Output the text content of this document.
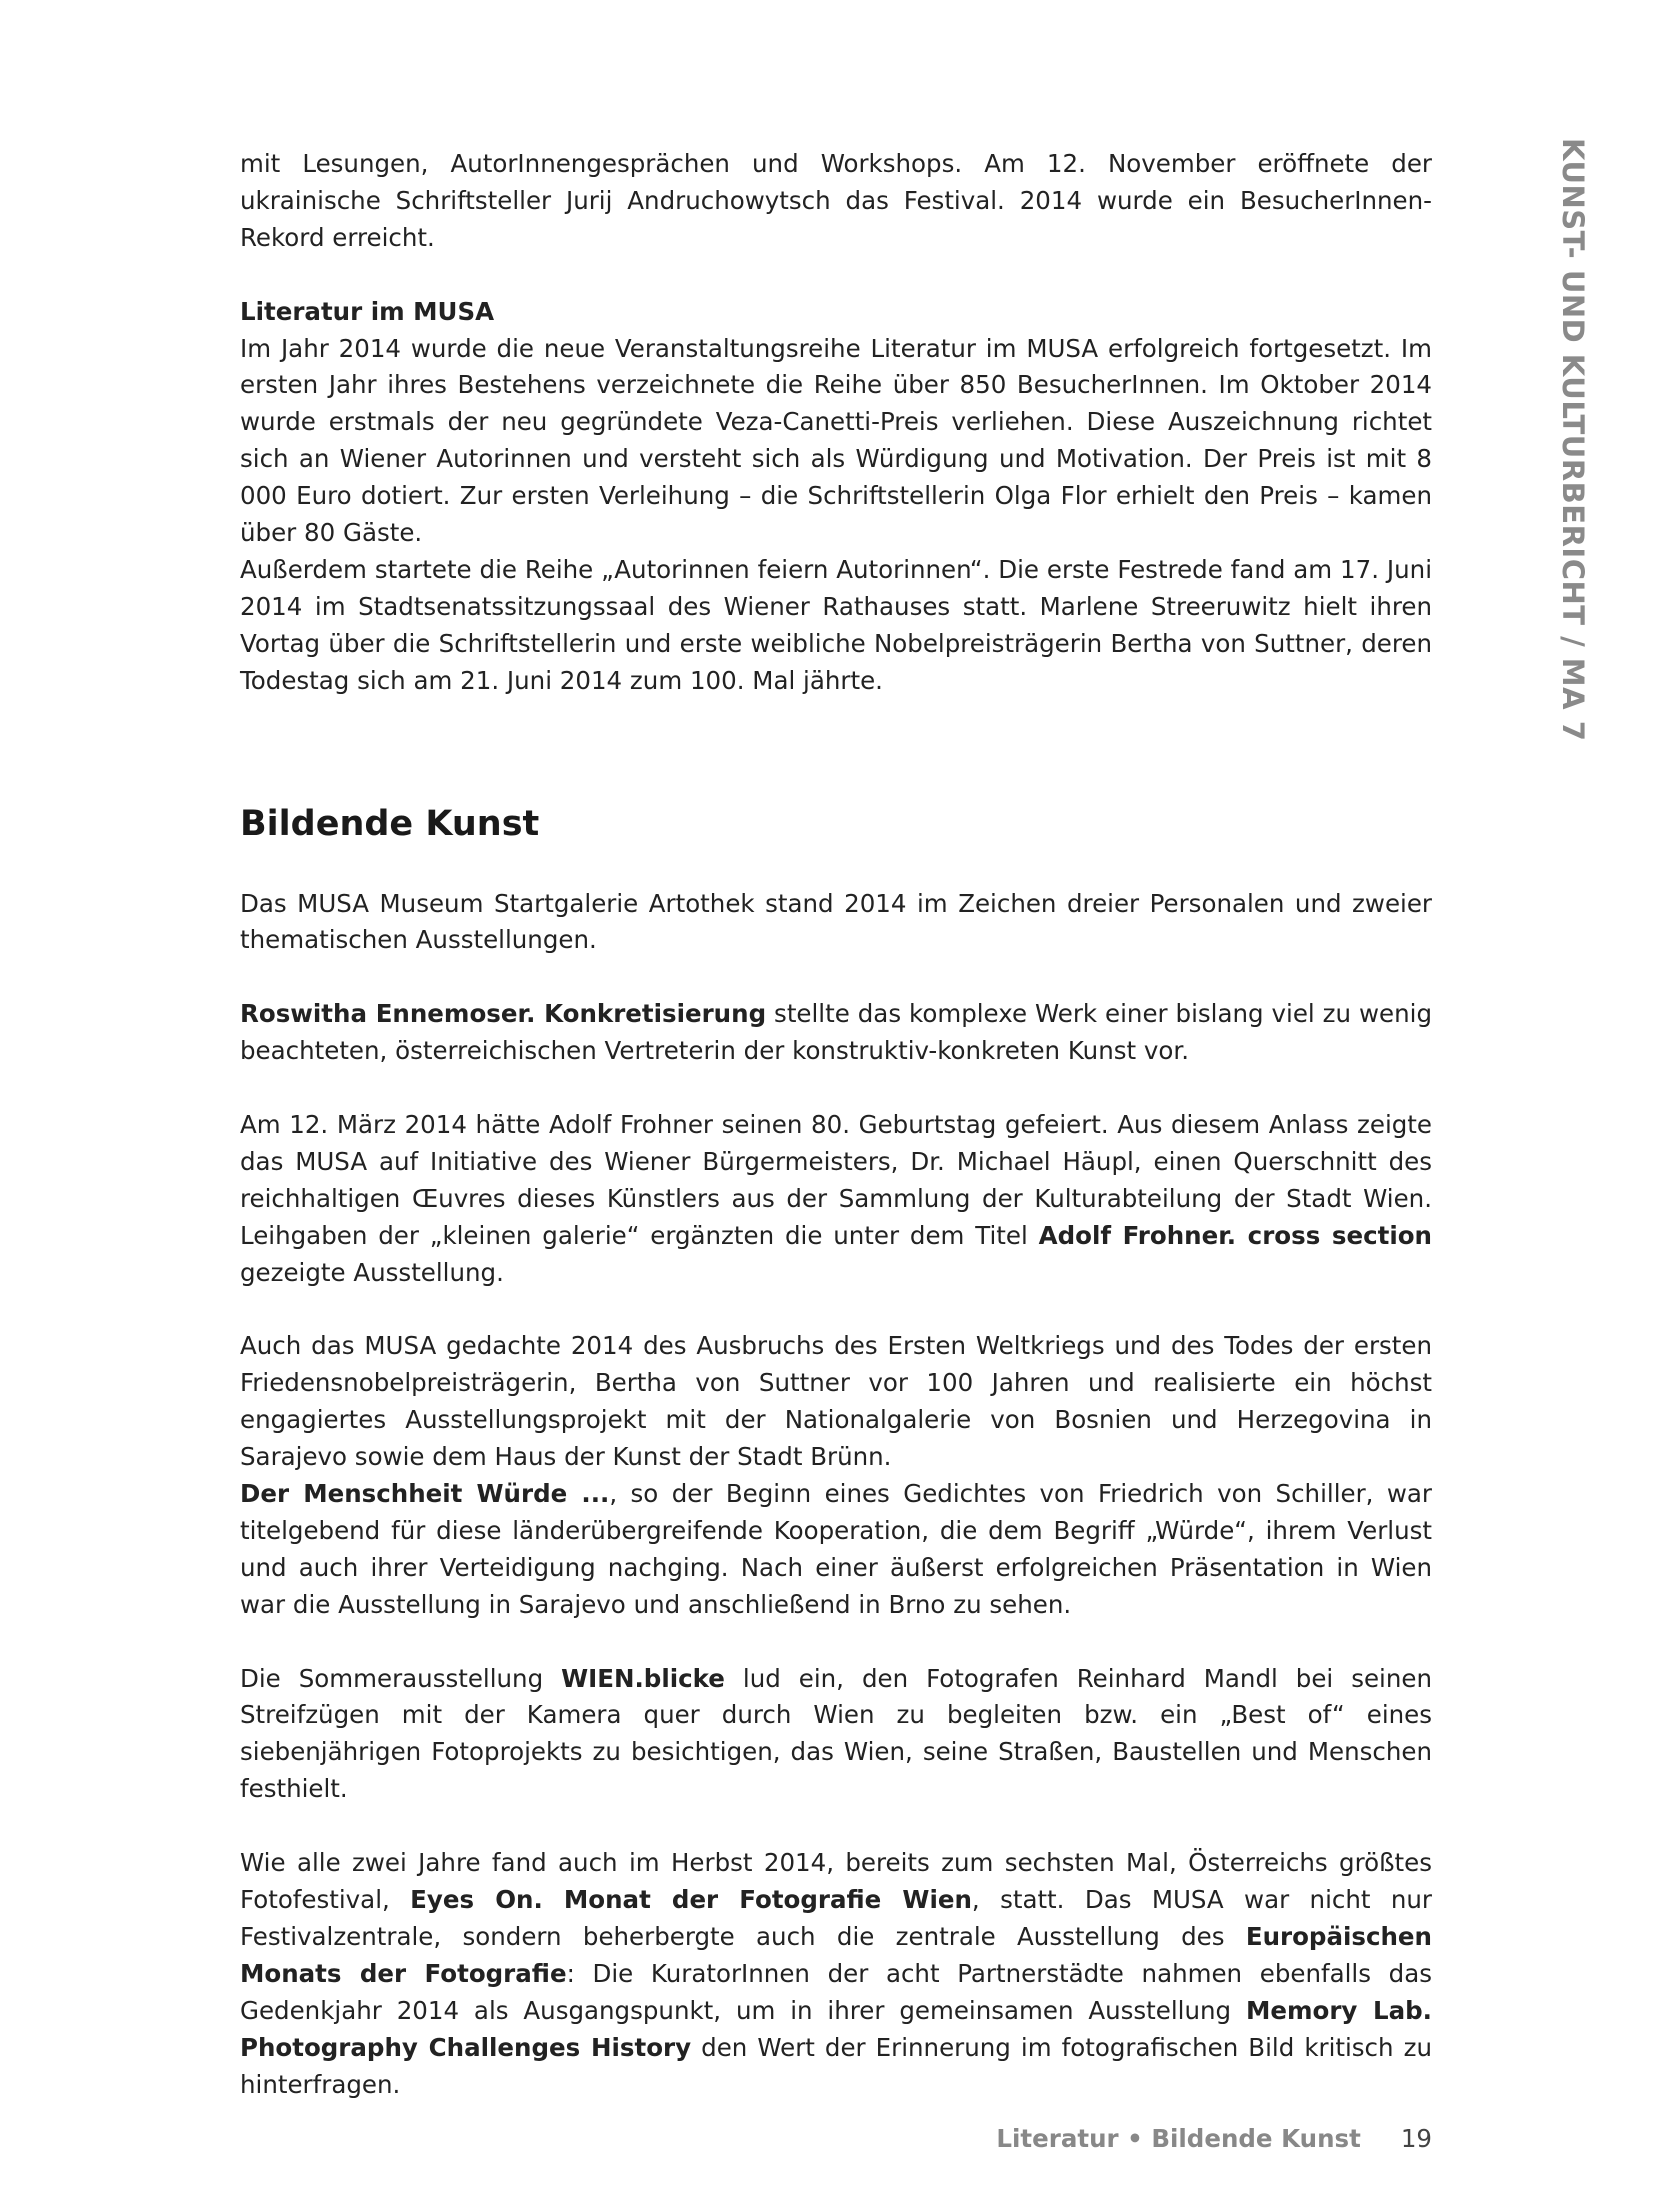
KUNST- UND KULTURBERICHT / MA 7

mit Lesungen, AutorInnengesprächen und Workshops. Am 12. November eröffnete der ukrainische Schriftsteller Jurij Andruchowytsch das Festival. 2014 wurde ein BesucherInnen-Rekord erreicht.

Literatur im MUSA

Im Jahr 2014 wurde die neue Veranstaltungsreihe Literatur im MUSA erfolgreich fortgesetzt. Im ersten Jahr ihres Bestehens verzeichnete die Reihe über 850 BesucherInnen. Im Oktober 2014 wurde erstmals der neu gegründete Veza-Canetti-Preis verliehen. Diese Auszeichnung richtet sich an Wiener Autorinnen und versteht sich als Würdigung und Motivation. Der Preis ist mit 8 000 Euro dotiert. Zur ersten Verleihung – die Schriftstellerin Olga Flor erhielt den Preis – kamen über 80 Gäste.

Außerdem startete die Reihe „Autorinnen feiern Autorinnen“. Die erste Festrede fand am 17. Juni 2014 im Stadtsenatssitzungssaal des Wiener Rathauses statt. Marlene Streeruwitz hielt ihren Vortag über die Schriftstellerin und erste weibliche Nobelpreisträgerin Bertha von Suttner, deren Todestag sich am 21. Juni 2014 zum 100. Mal jährte.

Bildende Kunst

Das MUSA Museum Startgalerie Artothek stand 2014 im Zeichen dreier Personalen und zweier thematischen Ausstellungen.

Roswitha Ennemoser. Konkretisierung stellte das komplexe Werk einer bislang viel zu wenig beachteten, österreichischen Vertreterin der konstruktiv-konkreten Kunst vor.

Am 12. März 2014 hätte Adolf Frohner seinen 80. Geburtstag gefeiert. Aus diesem Anlass zeigte das MUSA auf Initiative des Wiener Bürgermeisters, Dr. Michael Häupl, einen Querschnitt des reichhaltigen Œuvres dieses Künstlers aus der Sammlung der Kulturabteilung der Stadt Wien. Leihgaben der „kleinen galerie“ ergänzten die unter dem Titel Adolf Frohner. cross section gezeigte Ausstellung.

Auch das MUSA gedachte 2014 des Ausbruchs des Ersten Weltkriegs und des Todes der ersten Friedensnobelpreisträgerin, Bertha von Suttner vor 100 Jahren und realisierte ein höchst engagiertes Ausstellungsprojekt mit der Nationalgalerie von Bosnien und Herzegovina in Sarajevo sowie dem Haus der Kunst der Stadt Brünn.

Der Menschheit Würde ..., so der Beginn eines Gedichtes von Friedrich von Schiller, war titelgebend für diese länderübergreifende Kooperation, die dem Begriff „Würde“, ihrem Verlust und auch ihrer Verteidigung nachging. Nach einer äußerst erfolgreichen Präsentation in Wien war die Ausstellung in Sarajevo und anschließend in Brno zu sehen.

Die Sommerausstellung WIEN.blicke lud ein, den Fotografen Reinhard Mandl bei seinen Streifzügen mit der Kamera quer durch Wien zu begleiten bzw. ein „Best of“ eines siebenjährigen Fotoprojekts zu besichtigen, das Wien, seine Straßen, Baustellen und Menschen festhielt.

Wie alle zwei Jahre fand auch im Herbst 2014, bereits zum sechsten Mal, Österreichs größtes Fotofestival, Eyes On. Monat der Fotografie Wien, statt. Das MUSA war nicht nur Festivalzentrale, sondern beherbergte auch die zentrale Ausstellung des Europäischen Monats der Fotografie: Die KuratorInnen der acht Partnerstädte nahmen ebenfalls das Gedenkjahr 2014 als Ausgangspunkt, um in ihrer gemeinsamen Ausstellung Memory Lab. Photography Challenges History den Wert der Erinnerung im fotografischen Bild kritisch zu hinterfragen.

Literatur • Bildende Kunst 19
